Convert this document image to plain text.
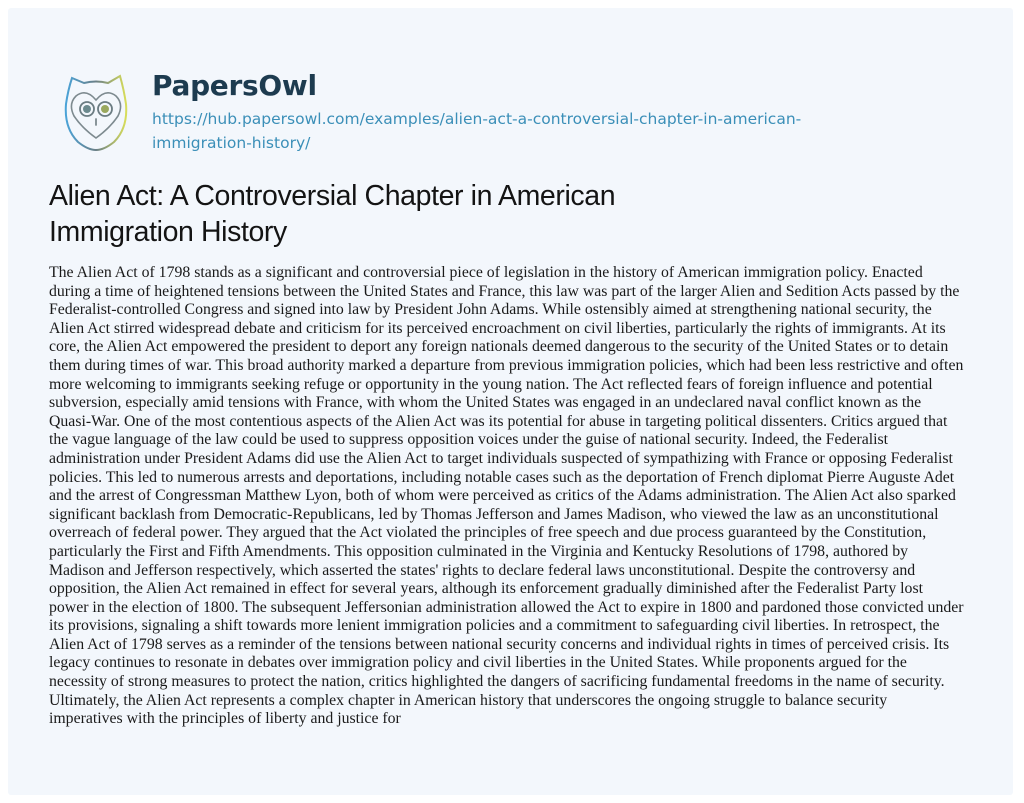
PapersOwl
https://hub.papersowl.com/examples/alien-act-a-controversial-chapter-in-american-
immigration-history/
Alien Act: A Controversial Chapter in American
Immigration History

The Alien Act of 1798 stands as a significant and controversial piece of legislation in the history of American immigration policy. Enacted
during a time of heightened tensions between the United States and France, this law was part of the larger Alien and Sedition Acts passed by the
Federalist-controlled Congress and signed into law by President John Adams. While ostensibly aimed at strengthening national security, the
Alien Act stirred widespread debate and criticism for its perceived encroachment on civil liberties, particularly the rights of immigrants. At its
core, the Alien Act empowered the president to deport any foreign nationals deemed dangerous to the security of the United States or to detain
them during times of war. This broad authority marked a departure from previous immigration policies, which had been less restrictive and often
more welcoming to immigrants seeking refuge or opportunity in the young nation. The Act reflected fears of foreign influence and potential
subversion, especially amid tensions with France, with whom the United States was engaged in an undeclared naval conflict known as the
Quasi-War. One of the most contentious aspects of the Alien Act was its potential for abuse in targeting political dissenters. Critics argued that
the vague language of the law could be used to suppress opposition voices under the guise of national security. Indeed, the Federalist
administration under President Adams did use the Alien Act to target individuals suspected of sympathizing with France or opposing Federalist
policies. This led to numerous arrests and deportations, including notable cases such as the deportation of French diplomat Pierre Auguste Adet
and the arrest of Congressman Matthew Lyon, both of whom were perceived as critics of the Adams administration. The Alien Act also sparked
significant backlash from Democratic-Republicans, led by Thomas Jefferson and James Madison, who viewed the law as an unconstitutional
overreach of federal power. They argued that the Act violated the principles of free speech and due process guaranteed by the Constitution,
particularly the First and Fifth Amendments. This opposition culminated in the Virginia and Kentucky Resolutions of 1798, authored by
Madison and Jefferson respectively, which asserted the states' rights to declare federal laws unconstitutional. Despite the controversy and
opposition, the Alien Act remained in effect for several years, although its enforcement gradually diminished after the Federalist Party lost
power in the election of 1800. The subsequent Jeffersonian administration allowed the Act to expire in 1800 and pardoned those convicted under
its provisions, signaling a shift towards more lenient immigration policies and a commitment to safeguarding civil liberties. In retrospect, the
Alien Act of 1798 serves as a reminder of the tensions between national security concerns and individual rights in times of perceived crisis. Its
legacy continues to resonate in debates over immigration policy and civil liberties in the United States. While proponents argued for the
necessity of strong measures to protect the nation, critics highlighted the dangers of sacrificing fundamental freedoms in the name of security.
Ultimately, the Alien Act represents a complex chapter in American history that underscores the ongoing struggle to balance security
imperatives with the principles of liberty and justice for
